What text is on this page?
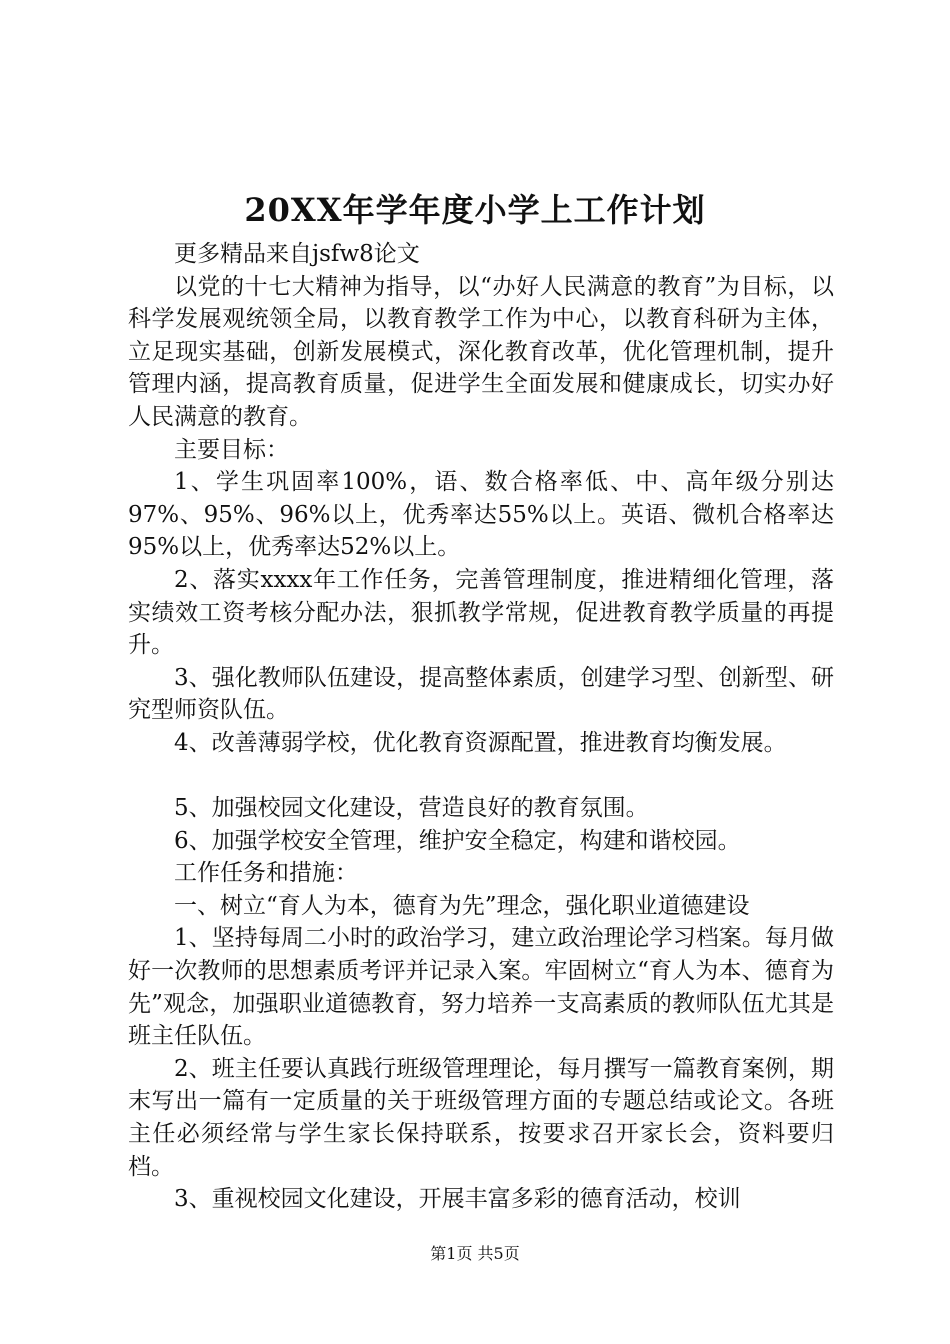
20XX年学年度小学上工作计划

更多精品来自jsfw8论文

以党的十七大精神为指导，以“办好人民满意的教育”为目标，以科学发展观统领全局，以教育教学工作为中心，以教育科研为主体，立足现实基础，创新发展模式，深化教育改革，优化管理机制，提升管理内涵，提高教育质量，促进学生全面发展和健康成长，切实办好人民满意的教育。

主要目标：

1、学生巩固率100%，语、数合格率低、中、高年级分别达97%、95%、96%以上，优秀率达55%以上。英语、微机合格率达95%以上，优秀率达52%以上。

2、落实xxxx年工作任务，完善管理制度，推进精细化管理，落实绩效工资考核分配办法，狠抓教学常规，促进教育教学质量的再提升。

3、强化教师队伍建设，提高整体素质，创建学习型、创新型、研究型师资队伍。

4、改善薄弱学校，优化教育资源配置，推进教育均衡发展。

5、加强校园文化建设，营造良好的教育氛围。

6、加强学校安全管理，维护安全稳定，构建和谐校园。

工作任务和措施：

一、树立“育人为本，德育为先”理念，强化职业道德建设

1、坚持每周二小时的政治学习，建立政治理论学习档案。每月做好一次教师的思想素质考评并记录入案。牢固树立“育人为本、德育为先”观念，加强职业道德教育，努力培养一支高素质的教师队伍尤其是班主任队伍。

2、班主任要认真践行班级管理理论，每月撰写一篇教育案例，期末写出一篇有一定质量的关于班级管理方面的专题总结或论文。各班主任必须经常与学生家长保持联系，按要求召开家长会，资料要归档。

3、重视校园文化建设，开展丰富多彩的德育活动，校训

第1页 共5页
